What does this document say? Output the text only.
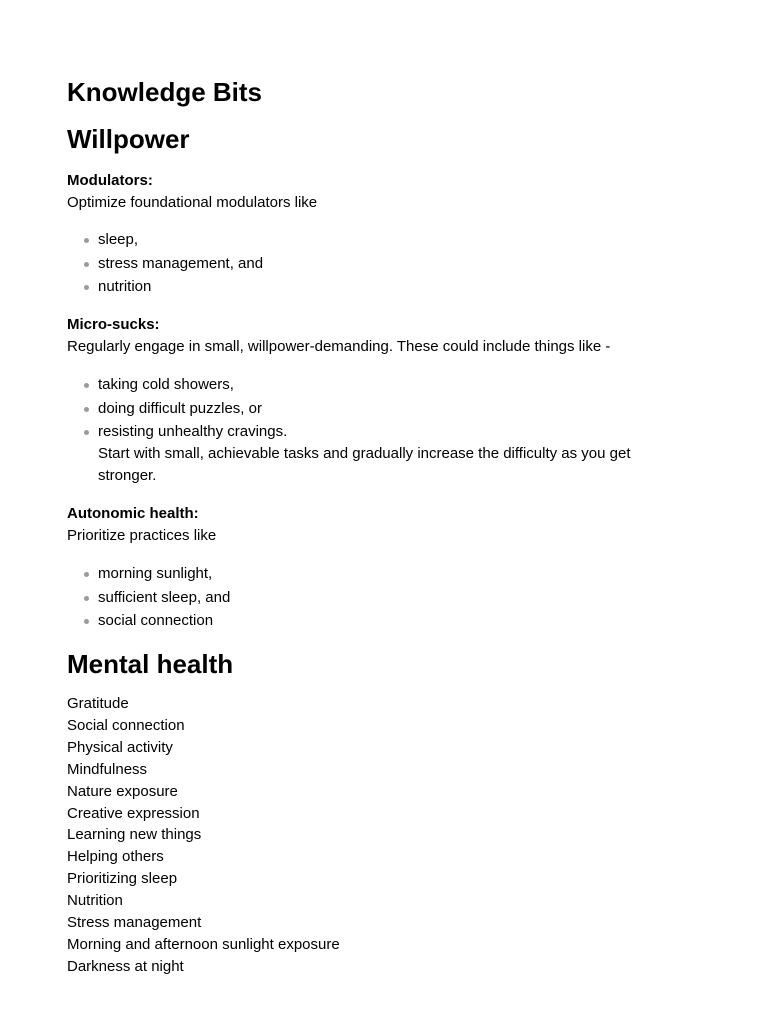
Knowledge Bits
Willpower
Modulators:
Optimize foundational modulators like
sleep,
stress management, and
nutrition
Micro-sucks:
Regularly engage in small, willpower-demanding. These could include things like -
taking cold showers,
doing difficult puzzles, or
resisting unhealthy cravings.
Start with small, achievable tasks and gradually increase the difficulty as you get stronger.
Autonomic health:
Prioritize practices like
morning sunlight,
sufficient sleep, and
social connection
Mental health
Gratitude
Social connection
Physical activity
Mindfulness
Nature exposure
Creative expression
Learning new things
Helping others
Prioritizing sleep
Nutrition
Stress management
Morning and afternoon sunlight exposure
Darkness at night
